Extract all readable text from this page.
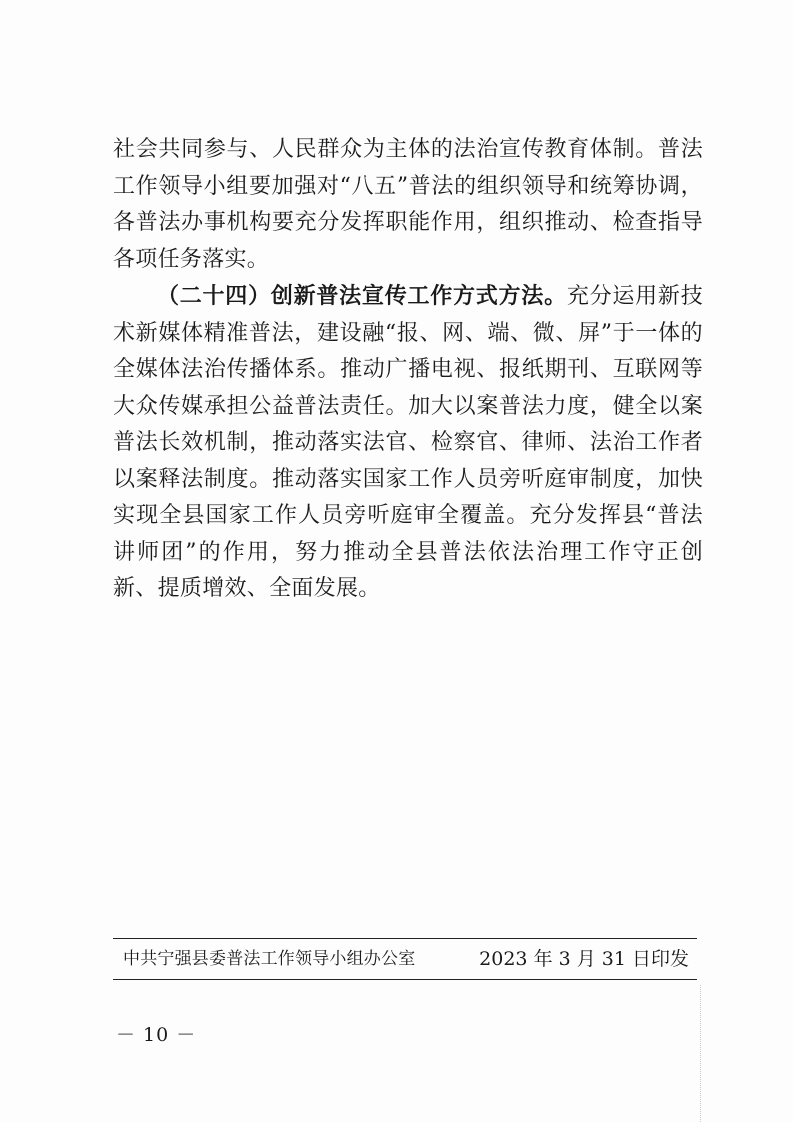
社会共同参与、人民群众为主体的法治宣传教育体制。普法工作领导小组要加强对“八五”普法的组织领导和统筹协调，各普法办事机构要充分发挥职能作用，组织推动、检查指导各项任务落实。

（二十四）创新普法宣传工作方式方法。充分运用新技术新媒体精准普法，建设融“报、网、端、微、屏”于一体的全媒体法治传播体系。推动广播电视、报纸期刊、互联网等大众传媒承担公益普法责任。加大以案普法力度，健全以案普法长效机制，推动落实法官、检察官、律师、法治工作者以案释法制度。推动落实国家工作人员旁听庭审制度，加快实现全县国家工作人员旁听庭审全覆盖。充分发挥县“普法讲师团”的作用，努力推动全县普法依法治理工作守正创新、提质增效、全面发展。

中共宁强县委普法工作领导小组办公室	2023 年 3 月 31 日印发
－ 10 －
